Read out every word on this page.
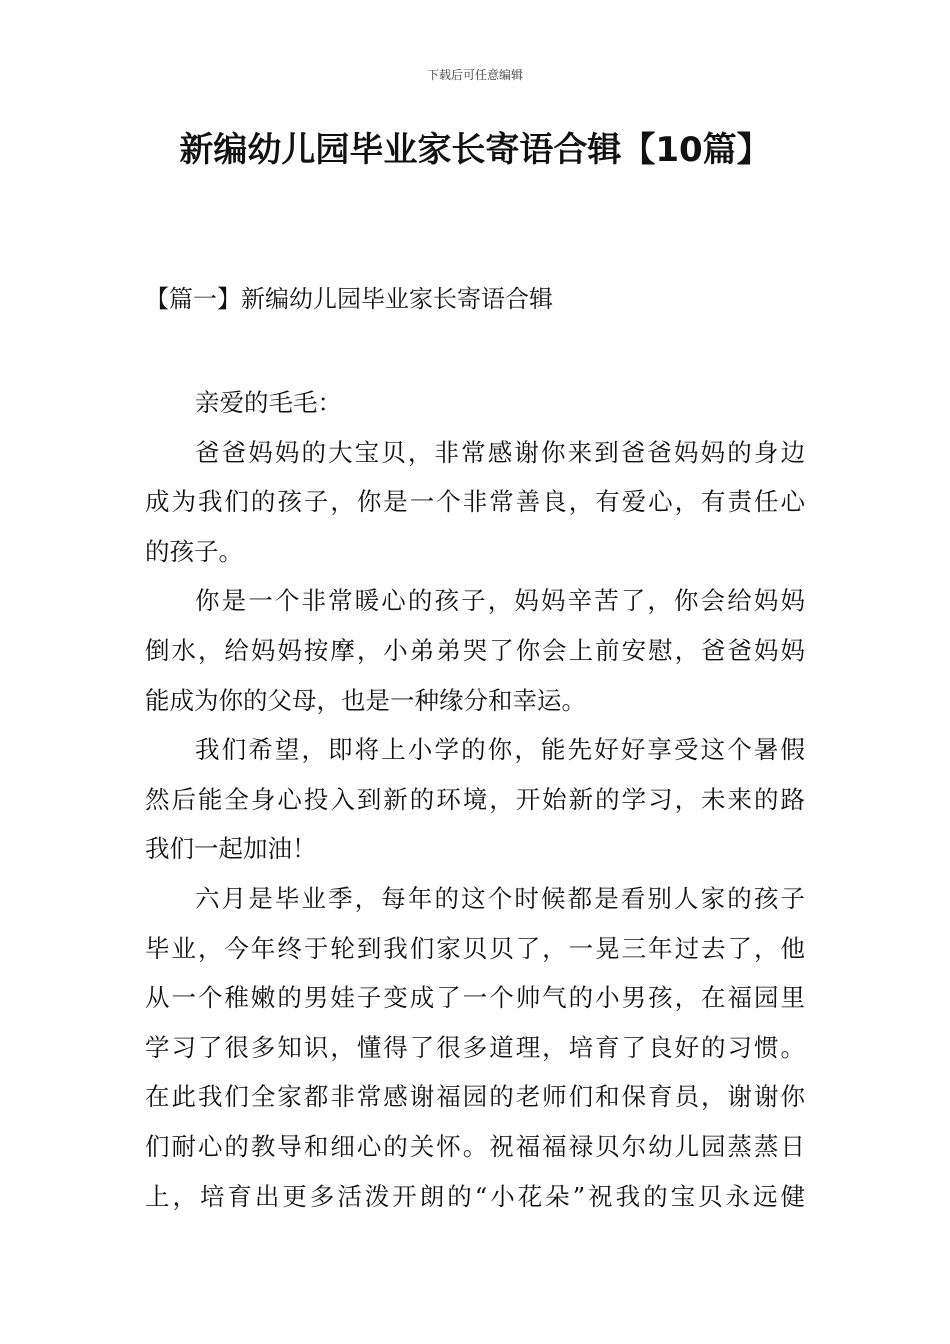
下载后可任意编辑
新编幼儿园毕业家长寄语合辑【10篇】
【篇一】新编幼儿园毕业家长寄语合辑

亲爱的毛毛：

爸爸妈妈的大宝贝，非常感谢你来到爸爸妈妈的身边
成为我们的孩子，你是一个非常善良，有爱心，有责任心
的孩子。

你是一个非常暖心的孩子，妈妈辛苦了，你会给妈妈
倒水，给妈妈按摩，小弟弟哭了你会上前安慰，爸爸妈妈
能成为你的父母，也是一种缘分和幸运。

我们希望，即将上小学的你，能先好好享受这个暑假
然后能全身心投入到新的环境，开始新的学习，未来的路
我们一起加油！

六月是毕业季，每年的这个时候都是看别人家的孩子
毕业，今年终于轮到我们家贝贝了，一晃三年过去了，他
从一个稚嫩的男娃子变成了一个帅气的小男孩，在福园里
学习了很多知识，懂得了很多道理，培育了良好的习惯。
在此我们全家都非常感谢福园的老师们和保育员，谢谢你
们耐心的教导和细心的关怀。祝福福禄贝尔幼儿园蒸蒸日
上，培育出更多活泼开朗的“小花朵”祝我的宝贝永远健
